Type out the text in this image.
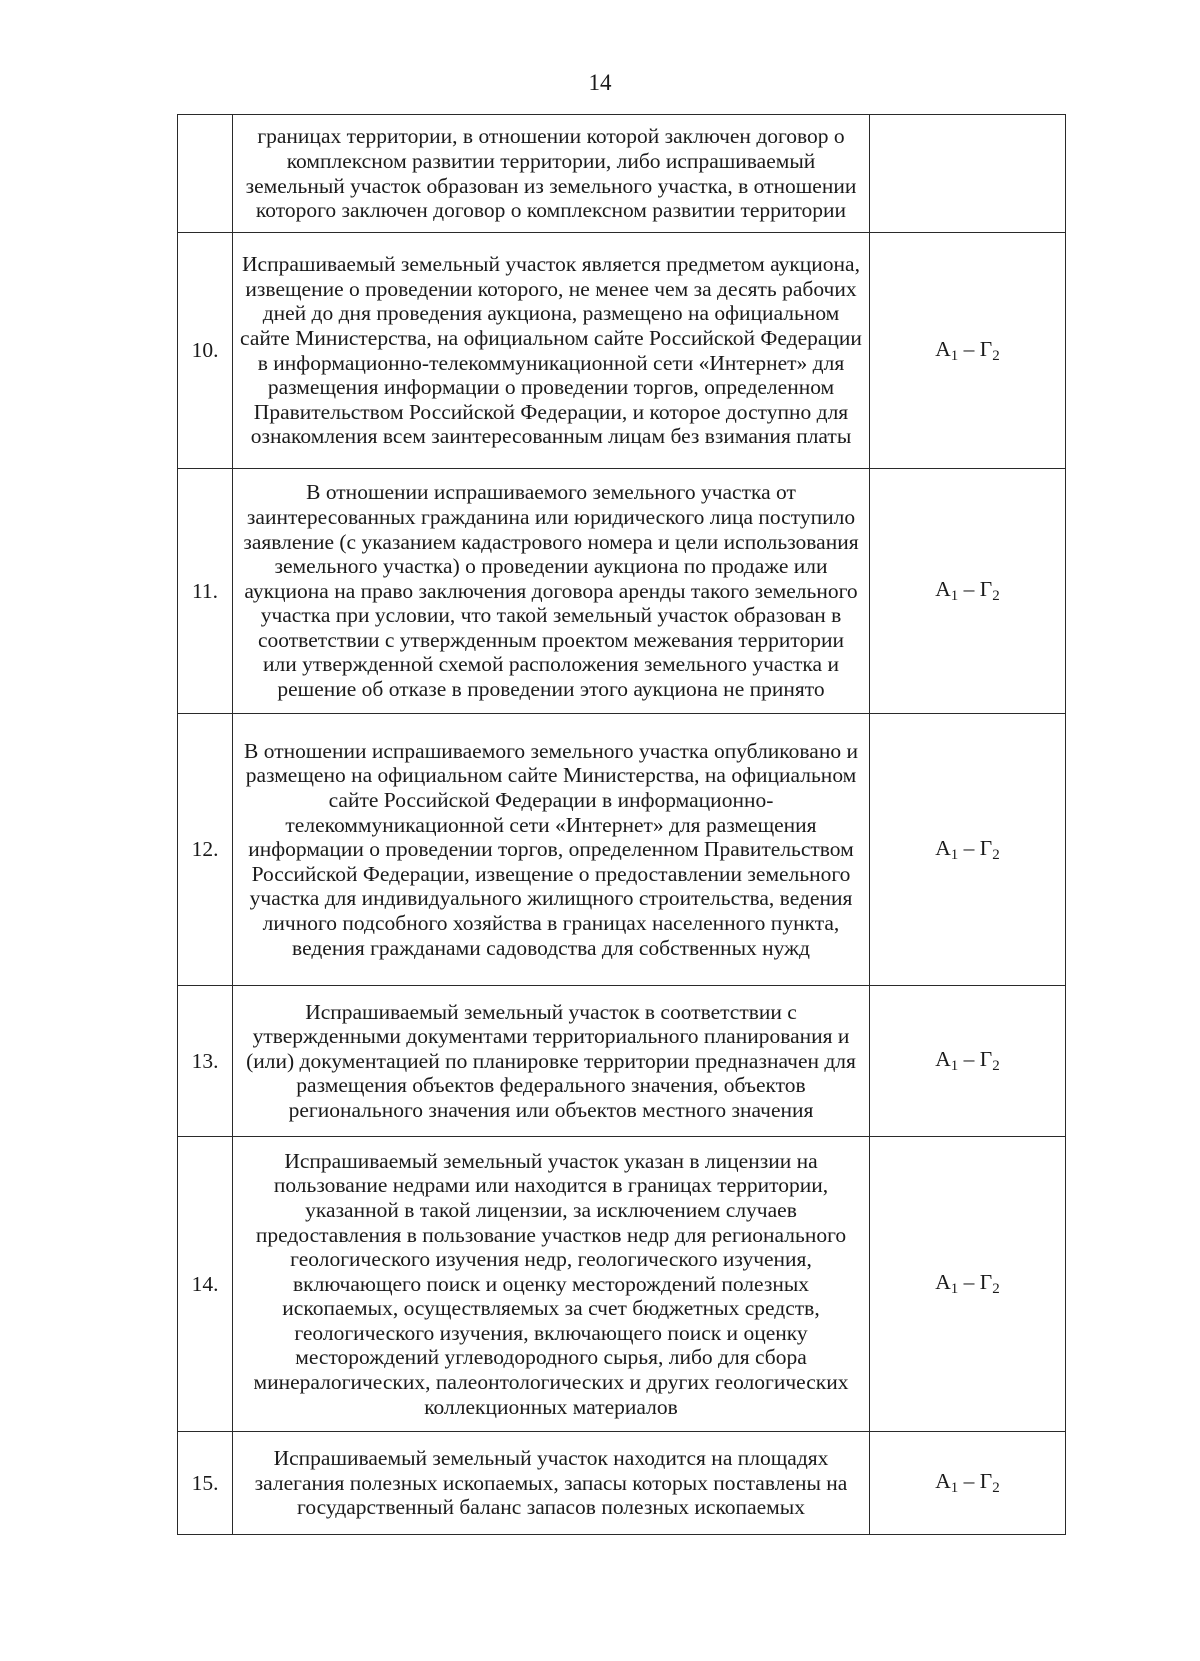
14
	границах территории, в отношении которой заключен договор о комплексном развитии территории, либо испрашиваемый земельный участок образован из земельного участка, в отношении которого заключен договор о комплексном развитии территории	
10.	Испрашиваемый земельный участок является предметом аукциона, извещение о проведении которого, не менее чем за десять рабочих дней до дня проведения аукциона, размещено на официальном сайте Министерства, на официальном сайте Российской Федерации в информационно-телекоммуникационной сети «Интернет» для размещения информации о проведении торгов, определенном Правительством Российской Федерации, и которое доступно для ознакомления всем заинтересованным лицам без взимания платы	А1 – Г2
11.	В отношении испрашиваемого земельного участка от заинтересованных гражданина или юридического лица поступило заявление (с указанием кадастрового номера и цели использования земельного участка) о проведении аукциона по продаже или аукциона на право заключения договора аренды такого земельного участка при условии, что такой земельный участок образован в соответствии с утвержденным проектом межевания территории или утвержденной схемой расположения земельного участка и решение об отказе в проведении этого аукциона не принято	А1 – Г2
12.	В отношении испрашиваемого земельного участка опубликовано и размещено на официальном сайте Министерства, на официальном сайте Российской Федерации в информационно-телекоммуникационной сети «Интернет» для размещения информации о проведении торгов, определенном Правительством Российской Федерации, извещение о предоставлении земельного участка для индивидуального жилищного строительства, ведения личного подсобного хозяйства в границах населенного пункта, ведения гражданами садоводства для собственных нужд	А1 – Г2
13.	Испрашиваемый земельный участок в соответствии с утвержденными документами территориального планирования и (или) документацией по планировке территории предназначен для размещения объектов федерального значения, объектов регионального значения или объектов местного значения	А1 – Г2
14.	Испрашиваемый земельный участок указан в лицензии на пользование недрами или находится в границах территории, указанной в такой лицензии, за исключением случаев предоставления в пользование участков недр для регионального геологического изучения недр, геологического изучения, включающего поиск и оценку месторождений полезных ископаемых, осуществляемых за счет бюджетных средств, геологического изучения, включающего поиск и оценку месторождений углеводородного сырья, либо для сбора минералогических, палеонтологических и других геологических коллекционных материалов	А1 – Г2
15.	Испрашиваемый земельный участок находится на площадях залегания полезных ископаемых, запасы которых поставлены на государственный баланс запасов полезных ископаемых	А1 – Г2
